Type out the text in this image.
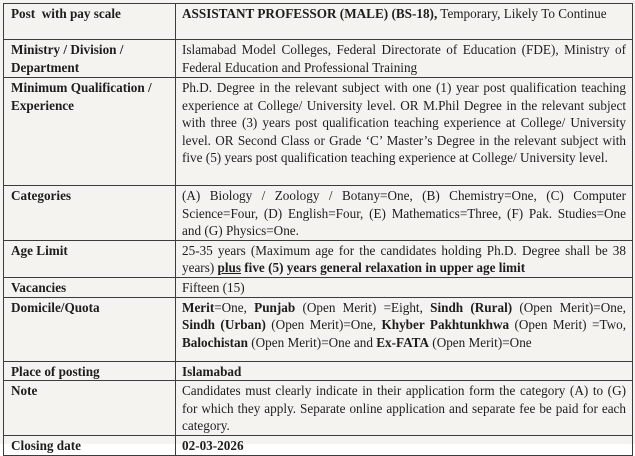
Post  with pay scale	ASSISTANT PROFESSOR (MALE) (BS-18), Temporary, Likely To Continue
Ministry / Division / Department	Islamabad Model Colleges, Federal Directorate of Education (FDE), Ministry of Federal Education and Professional Training
Minimum Qualification / Experience	Ph.D. Degree in the relevant subject with one (1) year post qualification teaching experience at College/ University level. OR M.Phil Degree in the relevant subject with three (3) years post qualification teaching experience at College/ University level. OR Second Class or Grade ‘C’ Master’s Degree in the relevant subject with five (5) years post qualification teaching experience at College/ University level.
Categories	(A) Biology / Zoology / Botany=One, (B) Chemistry=One, (C) Computer Science=Four, (D) English=Four, (E) Mathematics=Three, (F) Pak. Studies=One and (G) Physics=One.
Age Limit	25-35 years (Maximum age for the candidates holding Ph.D. Degree shall be 38 years) plus five (5) years general relaxation in upper age limit
Vacancies	Fifteen (15)
Domicile/Quota	Merit=One, Punjab (Open Merit) =Eight, Sindh (Rural) (Open Merit)=One, Sindh (Urban) (Open Merit)=One, Khyber Pakhtunkhwa (Open Merit) =Two, Balochistan (Open Merit)=One and Ex-FATA (Open Merit)=One
Place of posting	Islamabad
Note	Candidates must clearly indicate in their application form the category (A) to (G) for which they apply. Separate online application and separate fee be paid for each category.
Closing date	02-03-2026
